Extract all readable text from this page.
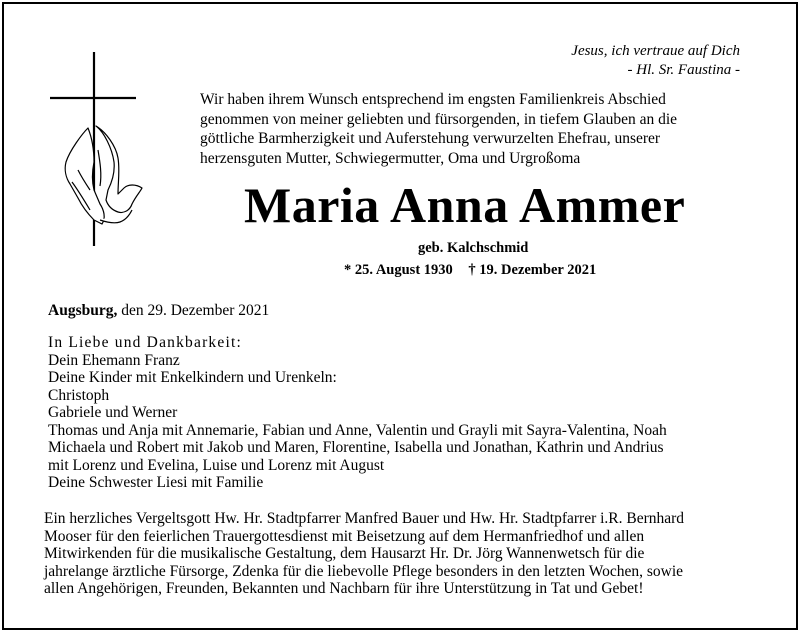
Jesus, ich vertraue auf Dich
- Hl. Sr. Faustina -
Wir haben ihrem Wunsch entsprechend im engsten Familienkreis Abschied
genommen von meiner geliebten und fürsorgenden, in tiefem Glauben an die
göttliche Barmherzigkeit und Auferstehung verwurzelten Ehefrau, unserer
herzensguten Mutter, Schwiegermutter, Oma und Urgroßoma
Maria Anna Ammer
geb. Kalchschmid
* 25. August 1930 † 19. Dezember 2021
Augsburg, den 29. Dezember 2021
In Liebe und Dankbarkeit:
Dein Ehemann Franz
Deine Kinder mit Enkelkindern und Urenkeln:
Christoph
Gabriele und Werner
Thomas und Anja mit Annemarie, Fabian und Anne, Valentin und Grayli mit Sayra-Valentina, Noah
Michaela und Robert mit Jakob und Maren, Florentine, Isabella und Jonathan, Kathrin und Andrius
mit Lorenz und Evelina, Luise und Lorenz mit August
Deine Schwester Liesi mit Familie
Ein herzliches Vergeltsgott Hw. Hr. Stadtpfarrer Manfred Bauer und Hw. Hr. Stadtpfarrer i.R. Bernhard
Mooser für den feierlichen Trauergottesdienst mit Beisetzung auf dem Hermanfriedhof und allen
Mitwirkenden für die musikalische Gestaltung, dem Hausarzt Hr. Dr. Jörg Wannenwetsch für die
jahrelange ärztliche Fürsorge, Zdenka für die liebevolle Pflege besonders in den letzten Wochen, sowie
allen Angehörigen, Freunden, Bekannten und Nachbarn für ihre Unterstützung in Tat und Gebet!
